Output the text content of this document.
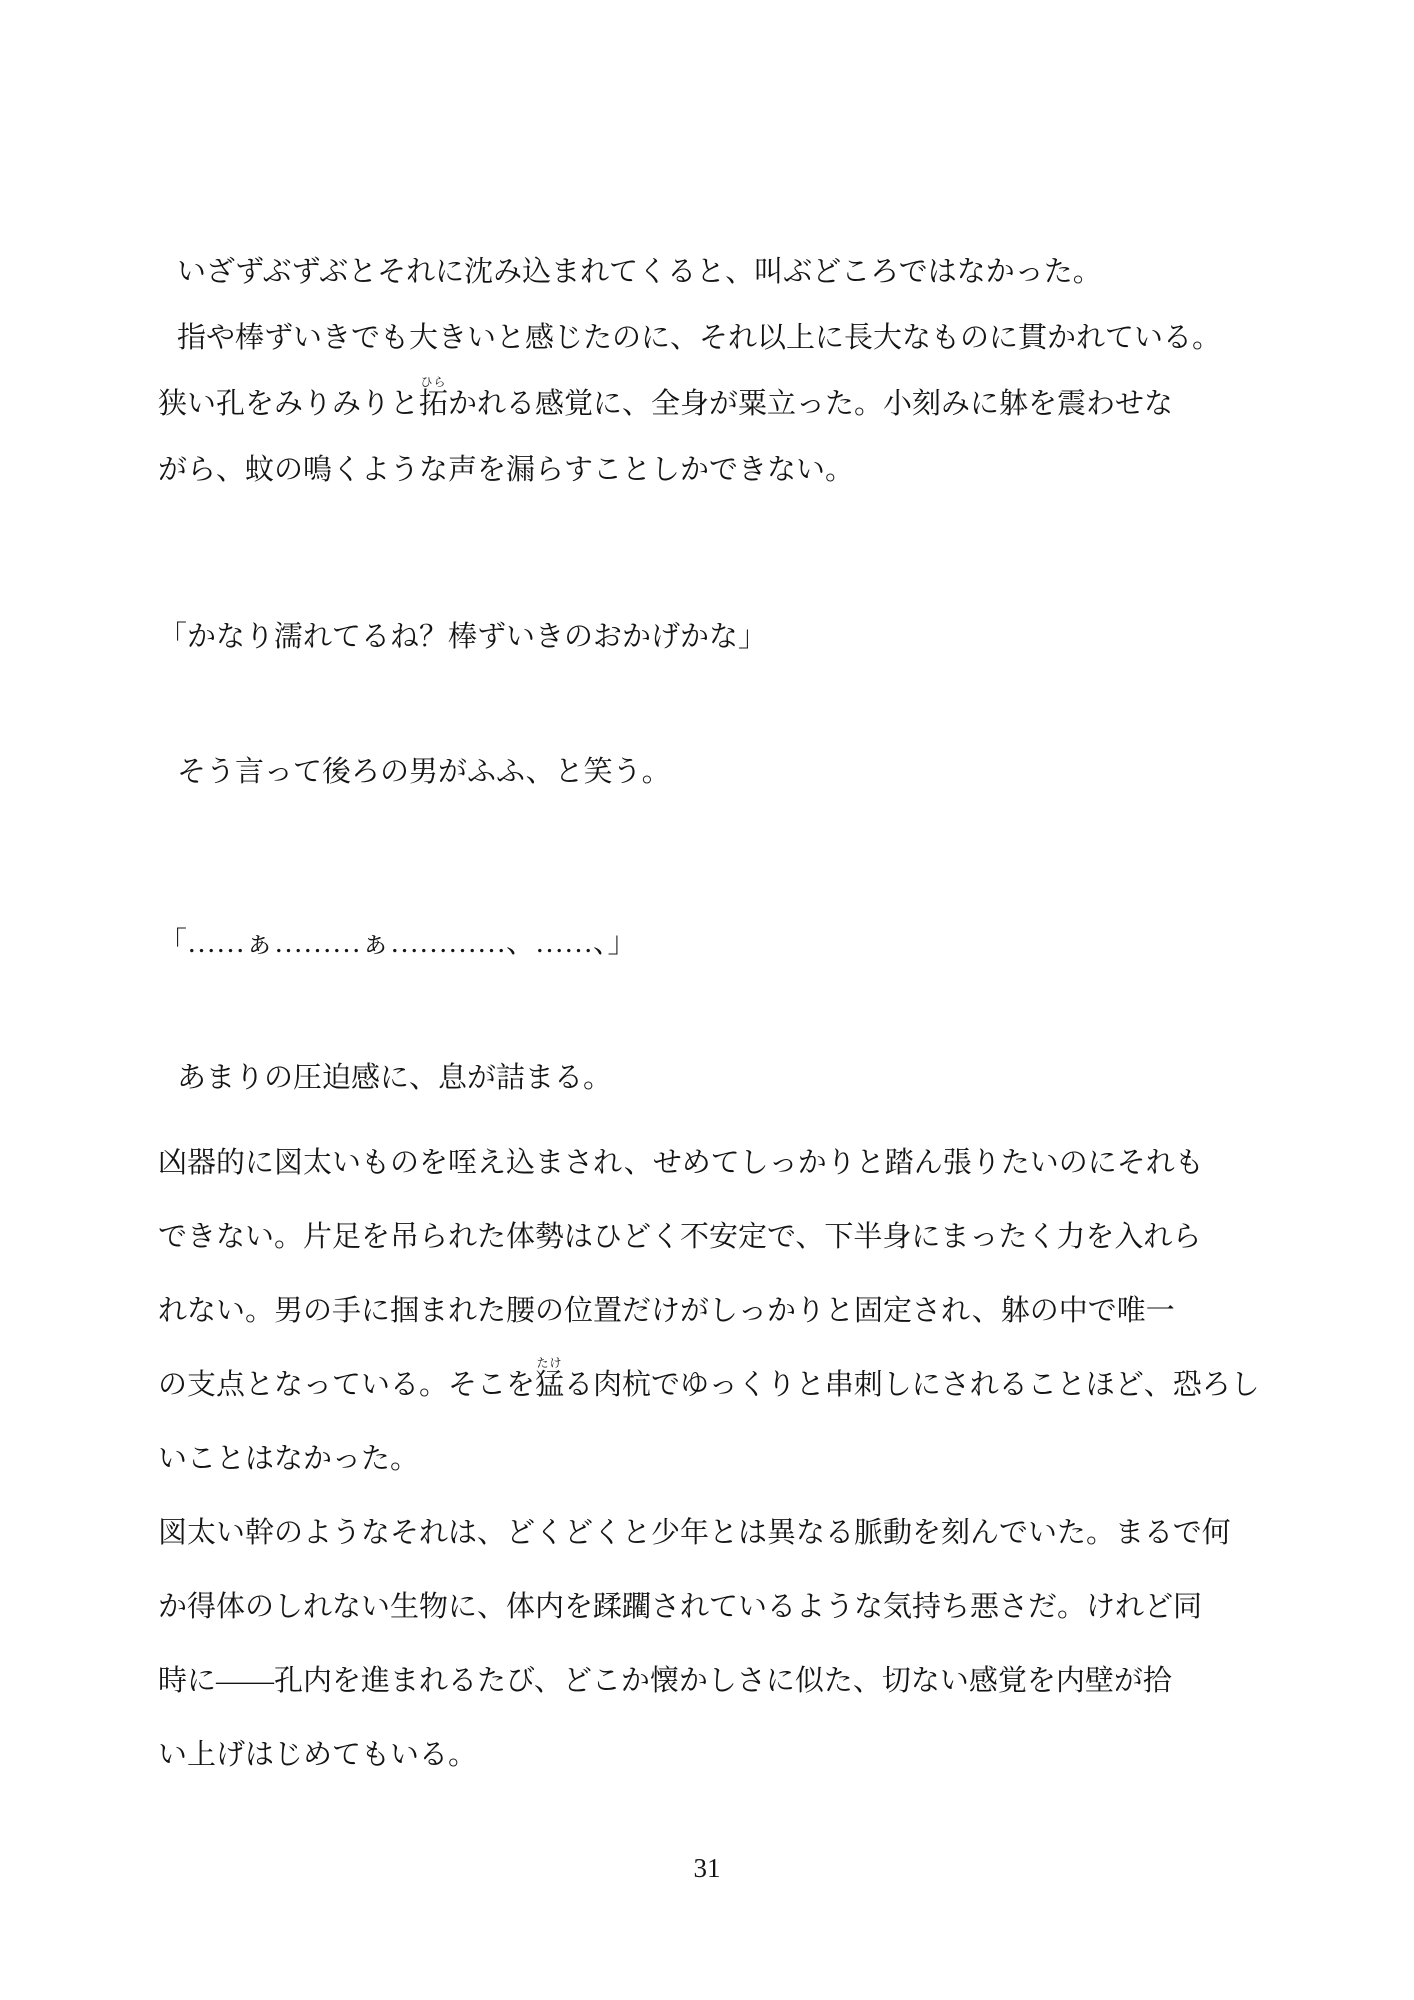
いざずぶずぶとそれに沈み込まれてくると、叫ぶどころではなかった。
指や棒ずいきでも大きいと感じたのに、それ以上に長大なものに貫かれている。
狭い孔をみりみりと拓ひらかれる感覚に、全身が粟立った。小刻みに躰を震わせな
がら、蚊の鳴くような声を漏らすことしかできない。
「かなり濡れてるね？棒ずいきのおかげかな」
そう言って後ろの男がふふ、と笑う。
「……ぁ………ぁ…………、……、」
あまりの圧迫感に、息が詰まる。
凶器的に図太いものを咥え込まされ、せめてしっかりと踏ん張りたいのにそれも
できない。片足を吊られた体勢はひどく不安定で、下半身にまったく力を入れら
れない。男の手に掴まれた腰の位置だけがしっかりと固定され、躰の中で唯一
の支点となっている。そこを猛たける肉杭でゆっくりと串刺しにされることほど、恐ろし
いことはなかった。
図太い幹のようなそれは、どくどくと少年とは異なる脈動を刻んでいた。まるで何
か得体のしれない生物に、体内を蹂躙されているような気持ち悪さだ。けれど同
時に——孔内を進まれるたび、どこか懐かしさに似た、切ない感覚を内壁が拾
い上げはじめてもいる。
31
